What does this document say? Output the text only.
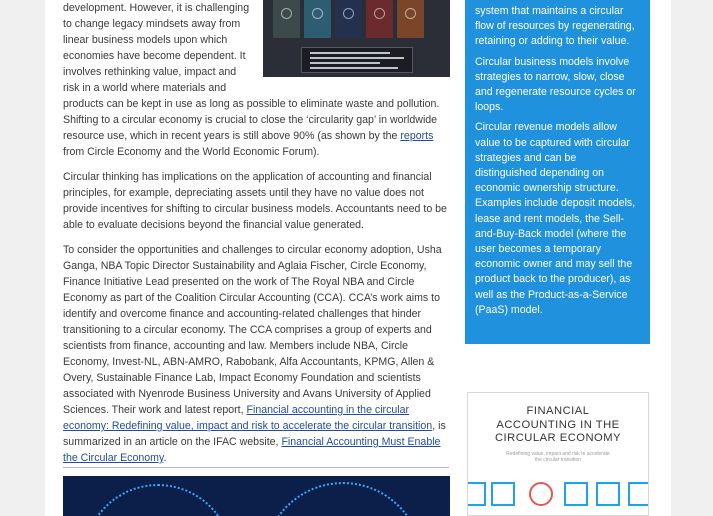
development. However, it is challenging
to change legacy mindsets away from
linear business models upon which
economies have become dependent. It
involves rethinking value, impact and
risk in a world where materials and
products can be kept in use as long as possible to eliminate waste and pollution. Shifting to a circular economy is crucial to close the ‘circularity gap’ in worldwide resource use, which in recent years is still above 90% (as shown by the reports from Circle Economy and the World Economic Forum).

Circular thinking has implications on the application of accounting and financial principles, for example, depreciating assets until they have no value does not provide incentives for shifting to circular business models. Accountants need to be able to evaluate decisions beyond the financial value generated.

To consider the opportunities and challenges to circular economy adoption, Usha Ganga, NBA Topic Director Sustainability and Aglaia Fischer, Circle Economy, Finance Initiative Lead presented on the work of The Royal NBA and Circle Economy as part of the Coalition Circular Accounting (CCA). CCA’s work aims to identify and overcome finance and accounting-related challenges that hinder transitioning to a circular economy. The CCA comprises a group of experts and scientists from finance, accounting and law. Members include NBA, Circle Economy, Invest-NL, ABN-AMRO, Rabobank, Alfa Accountants, KPMG, Allen & Overy, Sustainable Finance Lab, Impact Economy Foundation and scientists associated with Nyenrode Business University and Avans University of Applied Sciences. Their work and latest report, Financial accounting in the circular economy: Redefining value, impact and risk to accelerate the circular transition, is summarized in an article on the IFAC website, Financial Accounting Must Enable the Circular Economy.

system that maintains a circular flow of resources by regenerating, retaining or adding to their value.

Circular business models involve strategies to narrow, slow, close and regenerate resource cycles or loops.

Circular revenue models allow value to be captured with circular strategies and can be distinguished depending on economic ownership structure. Examples include deposit models, lease and rent models, the Sell-and-Buy-Back model (where the user becomes a temporary economic owner and may sell the product back to the producer), as well as the Product-as-a-Service (PaaS) model.

FINANCIAL
ACCOUNTING IN THE
CIRCULAR ECONOMY
Redefining value, impact and risk to accelerate
the circular transition
